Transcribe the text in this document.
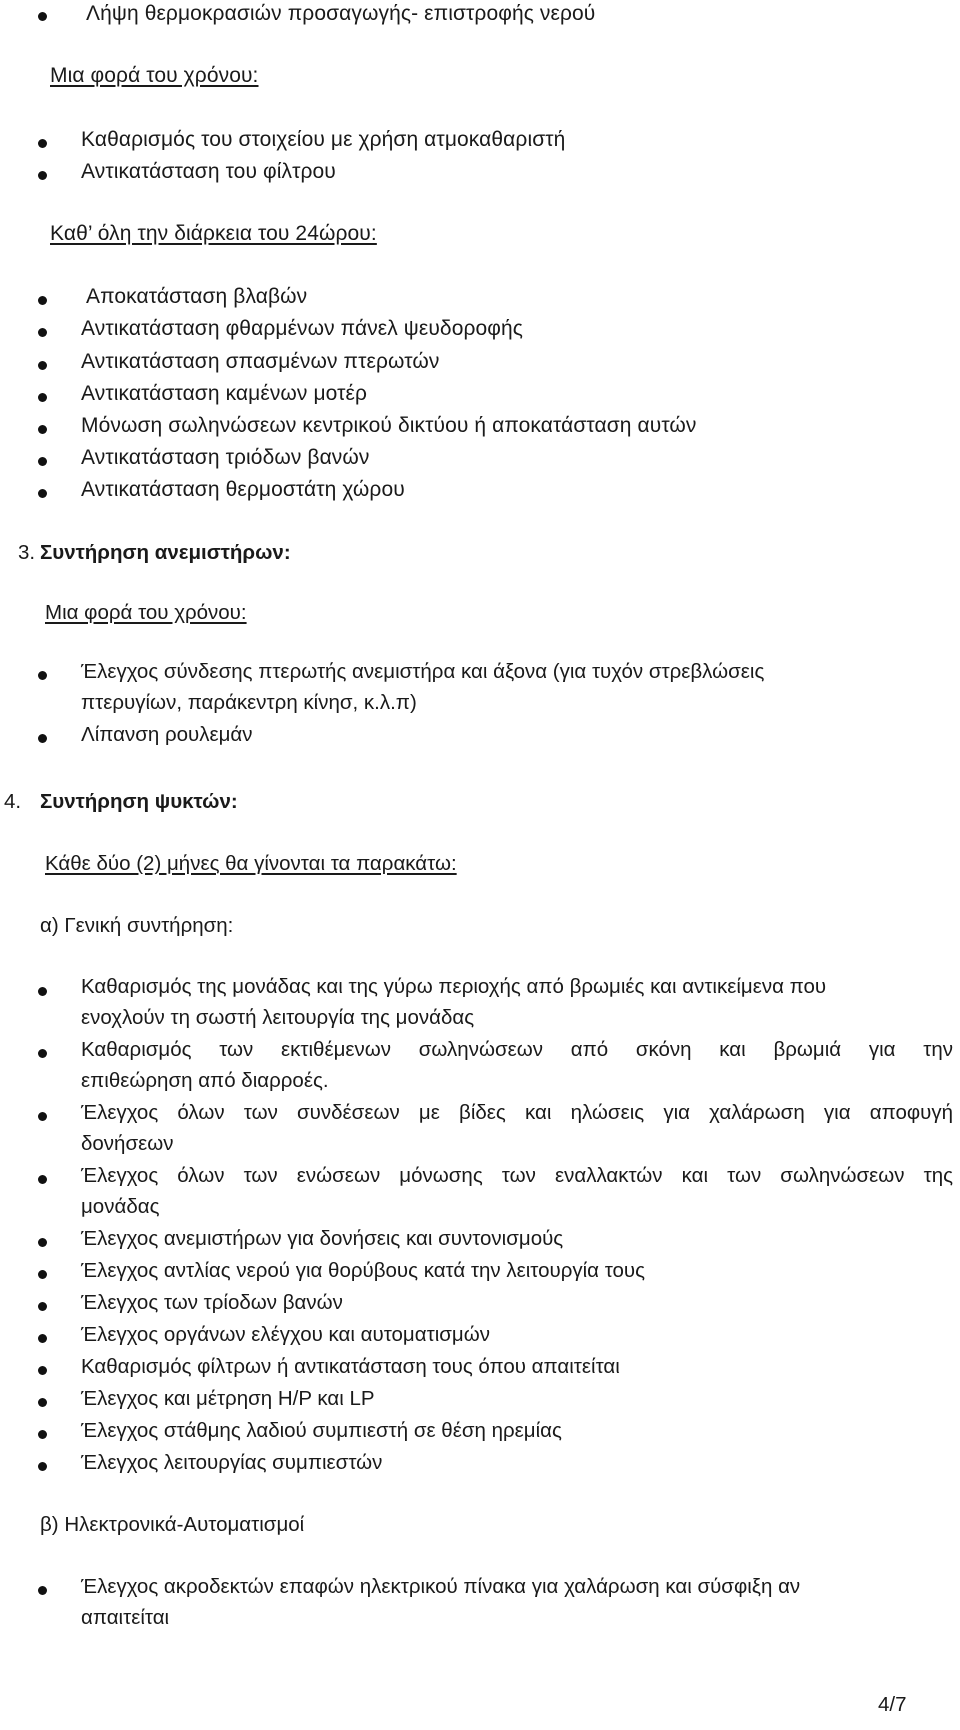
Λήψη θερμοκρασιών προσαγωγής- επιστροφής νερού
Μια φορά του χρόνου:
Καθαρισμός του στοιχείου με χρήση ατμοκαθαριστή
Αντικατάσταση του φίλτρου
Καθ’ όλη την διάρκεια του 24ώρου:
Αποκατάσταση βλαβών
Αντικατάσταση φθαρμένων πάνελ ψευδοροφής
Αντικατάσταση σπασμένων πτερωτών
Αντικατάσταση καμένων μοτέρ
Μόνωση σωληνώσεων κεντρικού δικτύου ή αποκατάσταση αυτών
Αντικατάσταση τριόδων βανών
Αντικατάσταση θερμοστάτη χώρου
3. Συντήρηση ανεμιστήρων:
Μια φορά του χρόνου:
Έλεγχος σύνδεσης πτερωτής ανεμιστήρα και άξονα (για τυχόν στρεβλώσεις
πτερυγίων, παράκεντρη κίνησ, κ.λ.π)
Λίπανση ρουλεμάν
4. Συντήρηση ψυκτών:
Κάθε δύο (2) μήνες θα γίνονται τα παρακάτω:
α) Γενική συντήρηση:
Καθαρισμός της μονάδας και της γύρω περιοχής από βρωμιές και αντικείμενα που
ενοχλούν τη σωστή λειτουργία της μονάδας
Καθαρισμός των εκτιθέμενων σωληνώσεων από σκόνη και βρωμιά για την
επιθεώρηση από διαρροές.
Έλεγχος όλων των συνδέσεων με βίδες και ηλώσεις για χαλάρωση για αποφυγή
δονήσεων
Έλεγχος όλων των ενώσεων μόνωσης των εναλλακτών και των σωληνώσεων της
μονάδας
Έλεγχος ανεμιστήρων για δονήσεις και συντονισμούς
Έλεγχος αντλίας νερού για θορύβους κατά την λειτουργία τους
Έλεγχος των τρίοδων βανών
Έλεγχος οργάνων ελέγχου και αυτοματισμών
Καθαρισμός φίλτρων ή αντικατάσταση τους όπου απαιτείται
Έλεγχος και μέτρηση H/P και LP
Έλεγχος στάθμης λαδιού συμπιεστή σε θέση ηρεμίας
Έλεγχος λειτουργίας συμπιεστών
β) Ηλεκτρονικά-Αυτοματισμοί
Έλεγχος ακροδεκτών επαφών ηλεκτρικού πίνακα για χαλάρωση και σύσφιξη αν
απαιτείται
4/7
